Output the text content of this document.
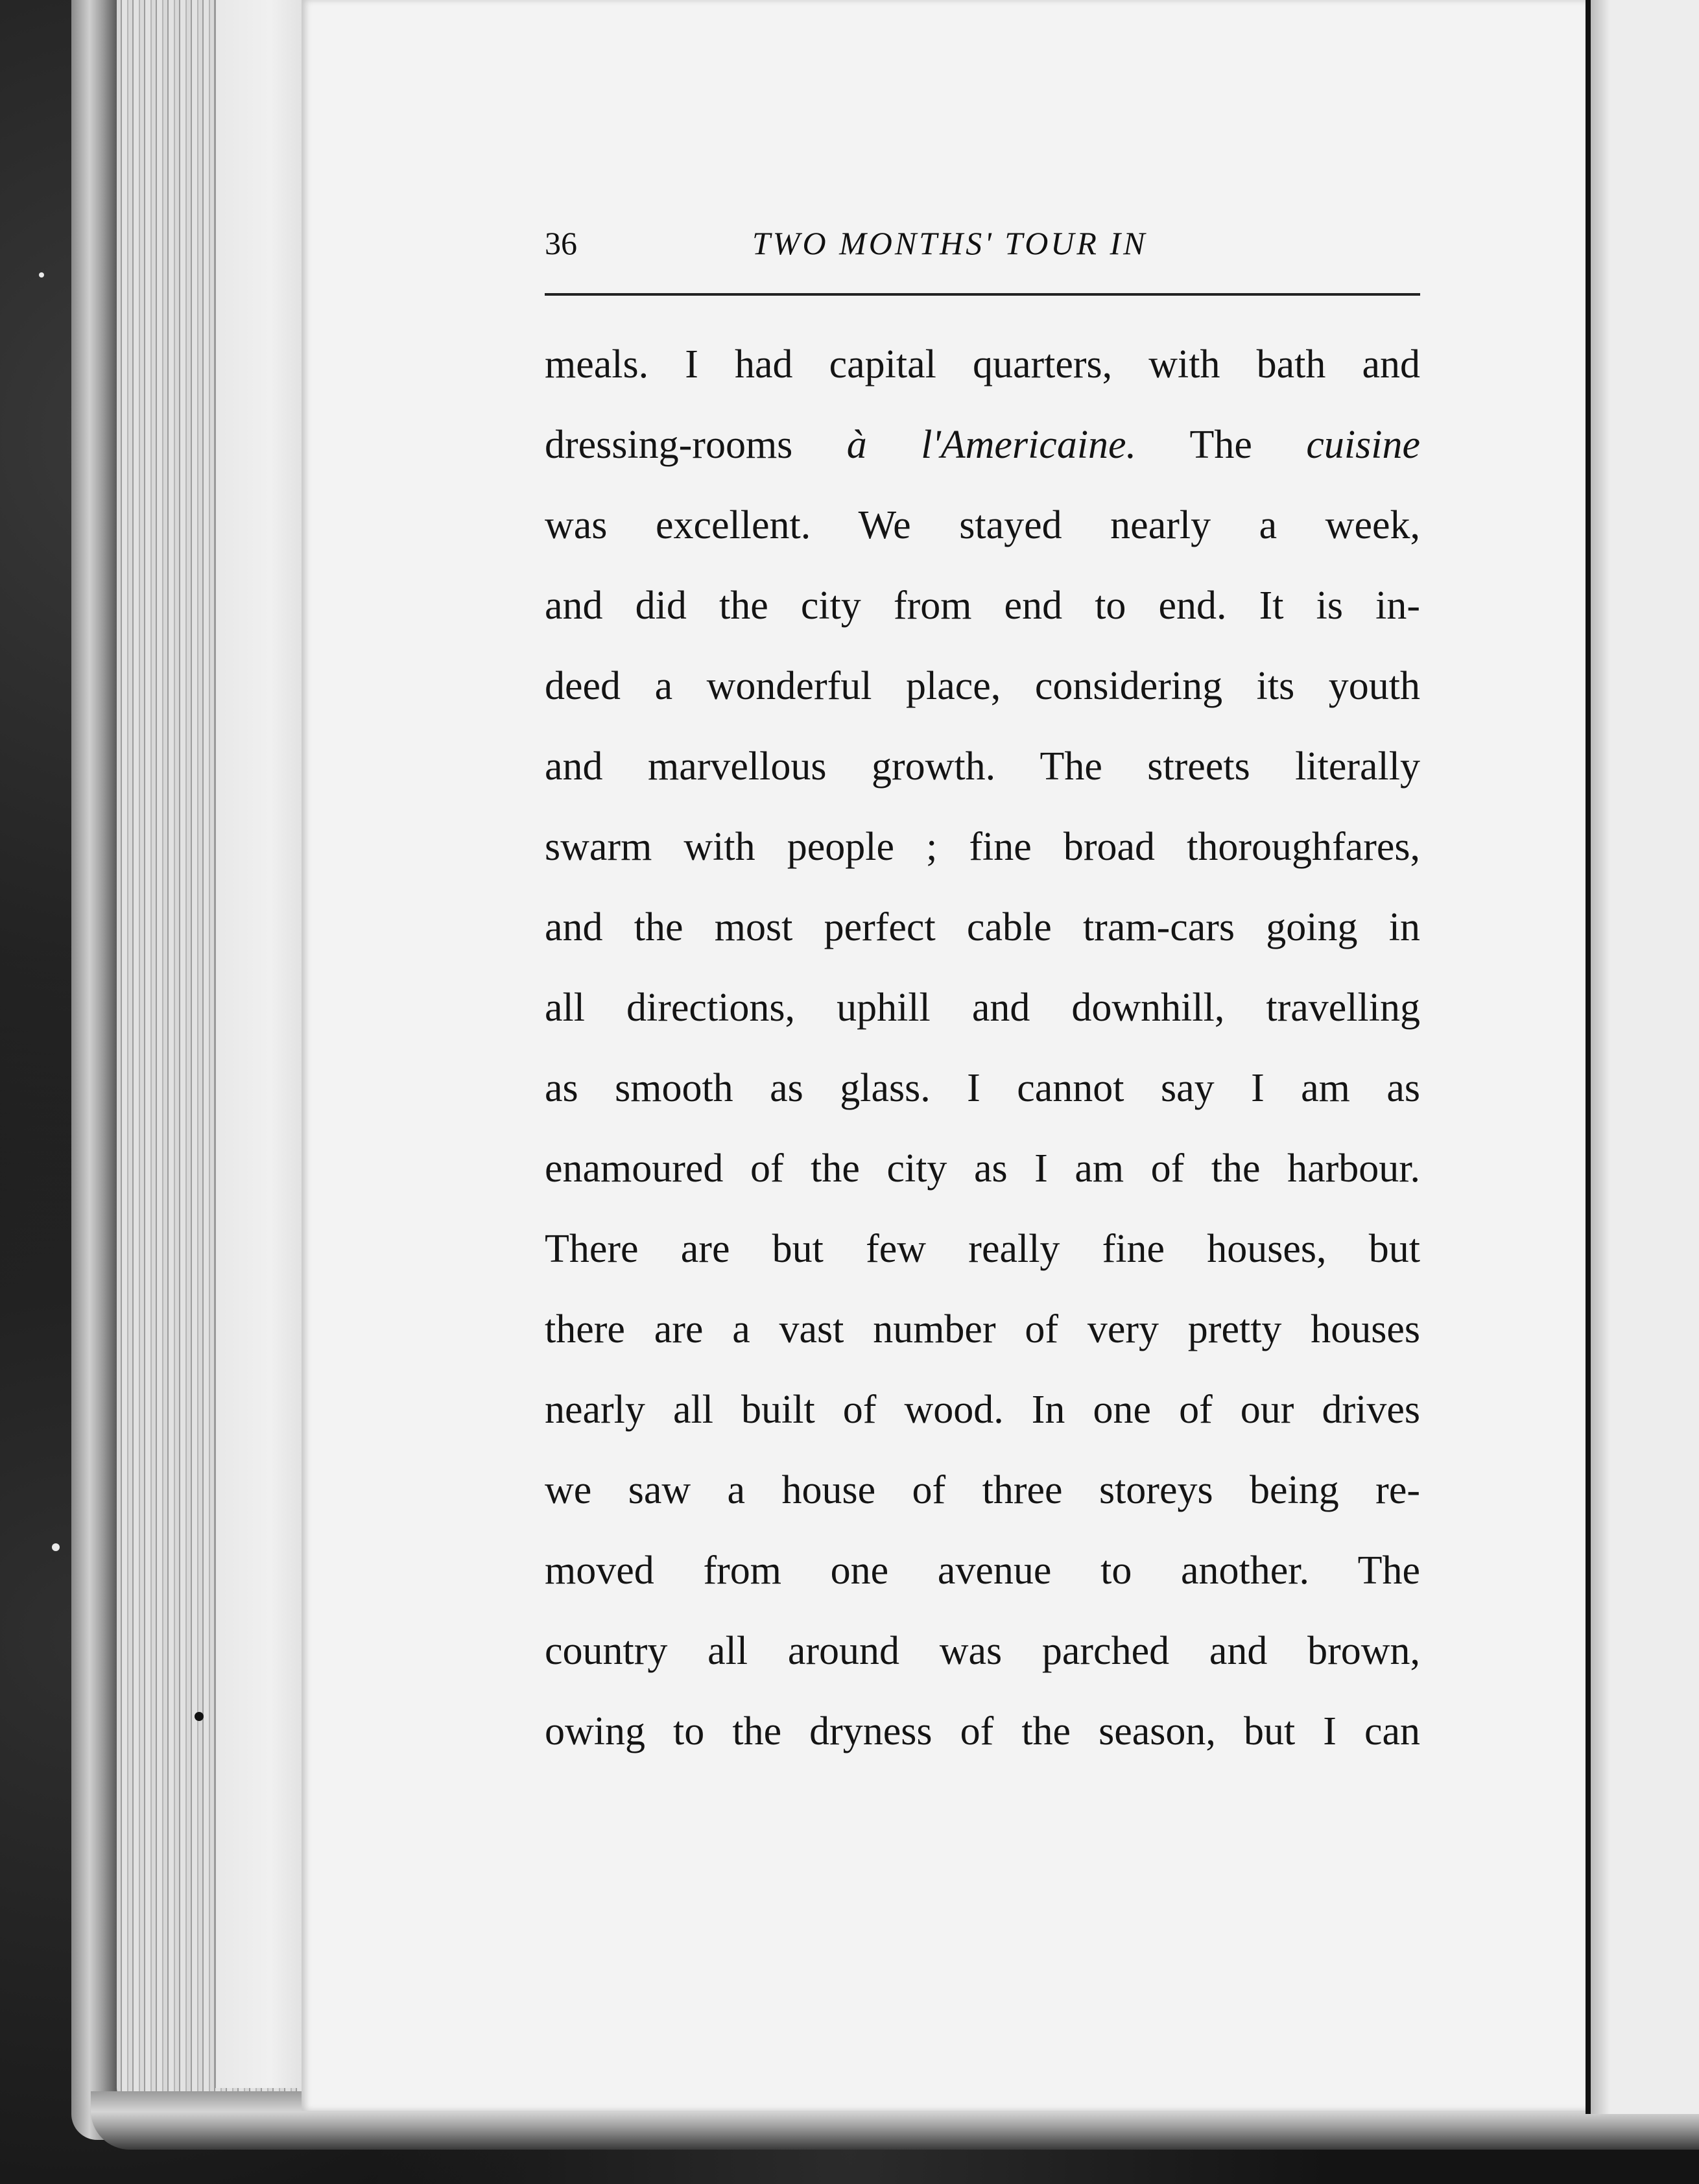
36	TWO MONTHS' TOUR IN
meals. I had capital quarters, with bath and
dressing-rooms à l'Americaine. The cuisine
was excellent. We stayed nearly a week,
and did the city from end to end. It is in-
deed a wonderful place, considering its youth
and marvellous growth. The streets literally
swarm with people ; fine broad thoroughfares,
and the most perfect cable tram-cars going in
all directions, uphill and downhill, travelling
as smooth as glass. I cannot say I am as
enamoured of the city as I am of the harbour.
There are but few really fine houses, but
there are a vast number of very pretty houses
nearly all built of wood. In one of our drives
we saw a house of three storeys being re-
moved from one avenue to another. The
country all around was parched and brown,
owing to the dryness of the season, but I can
